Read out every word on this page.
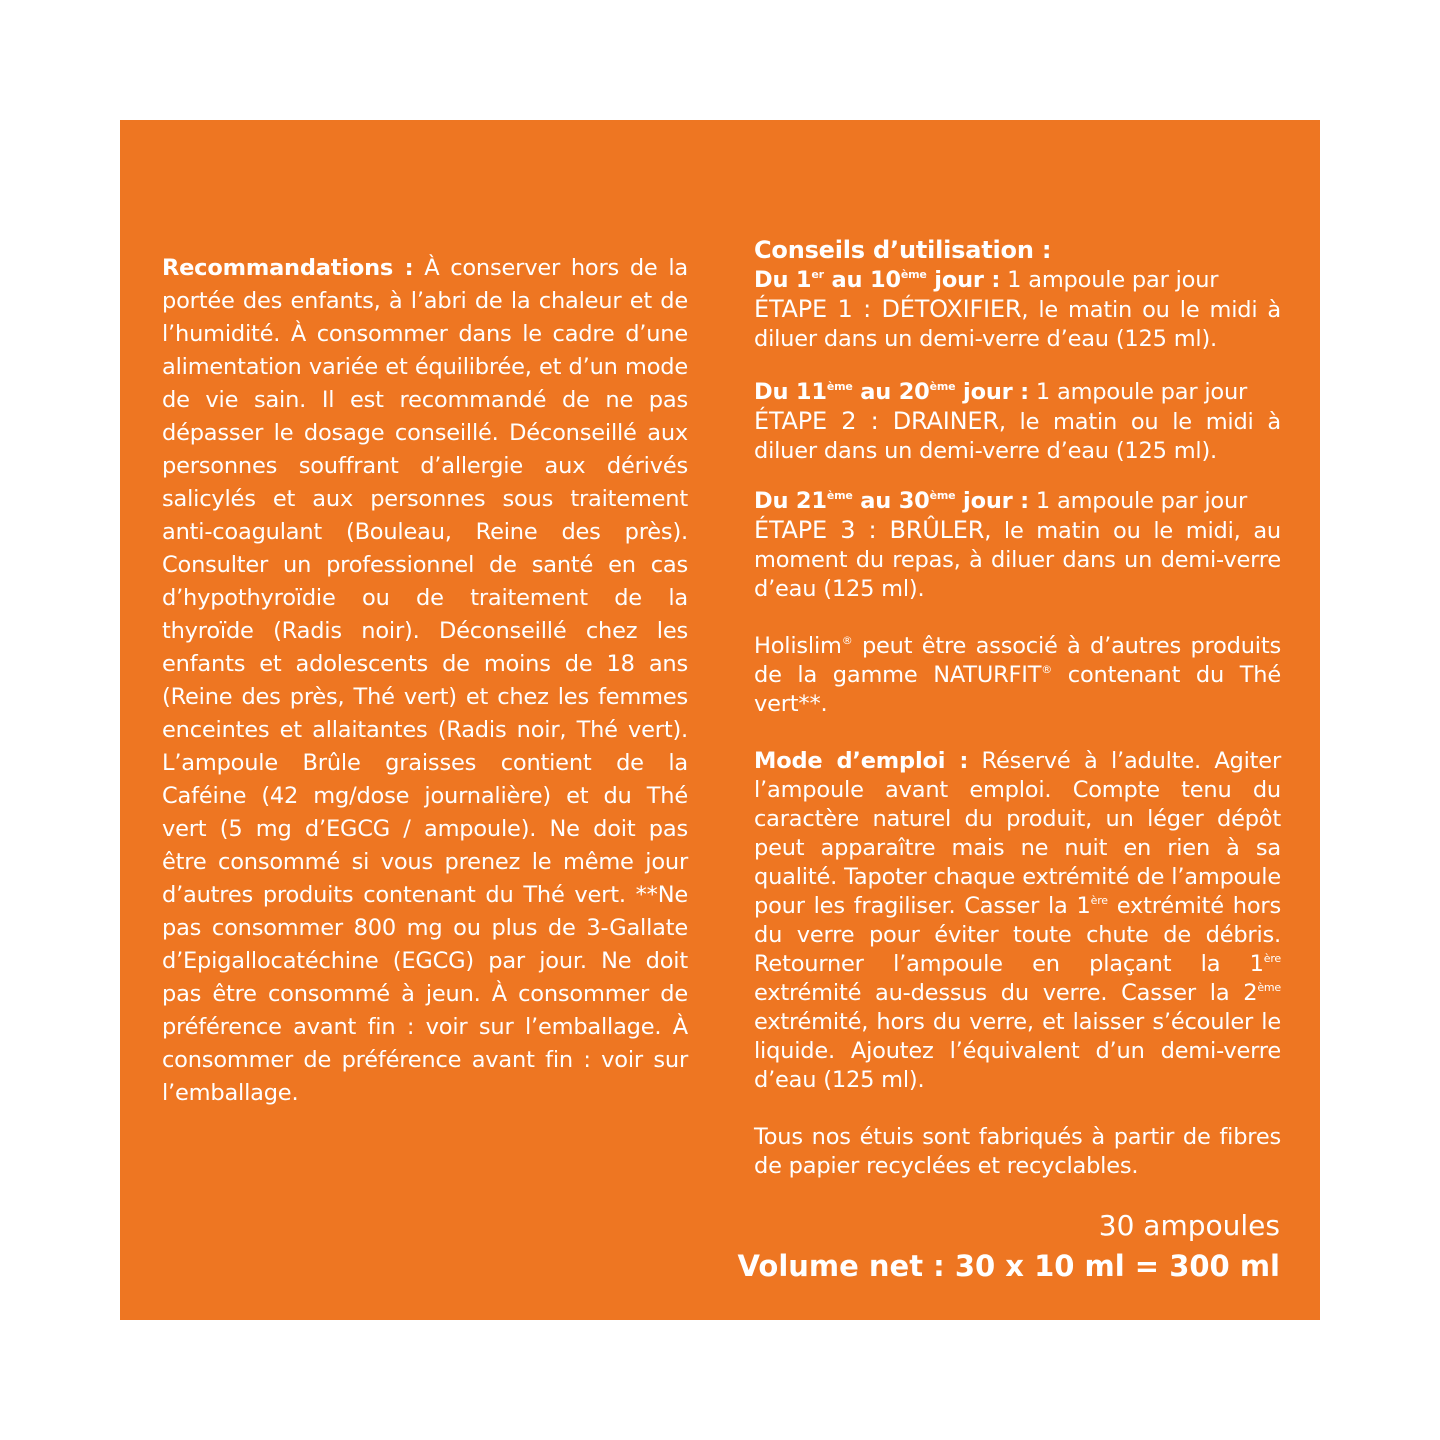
Recommandations : À conserver hors de la portée des enfants, à l’abri de la chaleur et de l’humidité. À consommer dans le cadre d’une alimentation variée et équilibrée, et d’un mode de vie sain. Il est recommandé de ne pas dépasser le dosage conseillé. Déconseillé aux personnes souffrant d’allergie aux dérivés salicylés et aux personnes sous traitement anti-coagulant (Bouleau, Reine des près). Consulter un professionnel de santé en cas d’hypothyroïdie ou de traitement de la thyroïde (Radis noir). Déconseillé chez les enfants et adolescents de moins de 18 ans (Reine des près, Thé vert) et chez les femmes enceintes et allaitantes (Radis noir, Thé vert). L’ampoule Brûle graisses contient de la Caféine (42 mg/dose journalière) et du Thé vert (5 mg d’EGCG / ampoule). Ne doit pas être consommé si vous prenez le même jour d’autres produits contenant du Thé vert. **Ne pas consommer 800 mg ou plus de 3-Gallate d’Epigallocatéchine (EGCG) par jour. Ne doit pas être consommé à jeun. À consommer de préférence avant fin : voir sur l’emballage. À consommer de préférence avant fin : voir sur l’emballage.

Conseils d’utilisation :
Du 1er au 10ème jour : 1 ampoule par jour
ÉTAPE 1 : DÉTOXIFIER, le matin ou le midi à diluer dans un demi-verre d’eau (125 ml).

Du 11ème au 20ème jour : 1 ampoule par jour
ÉTAPE 2 : DRAINER, le matin ou le midi à diluer dans un demi-verre d’eau (125 ml).

Du 21ème au 30ème jour : 1 ampoule par jour
ÉTAPE 3 : BRÛLER, le matin ou le midi, au moment du repas, à diluer dans un demi-verre d’eau (125 ml).

Holislim® peut être associé à d’autres produits de la gamme NATURFIT® contenant du Thé vert**.

Mode d’emploi : Réservé à l’adulte. Agiter l’ampoule avant emploi. Compte tenu du caractère naturel du produit, un léger dépôt peut apparaître mais ne nuit en rien à sa qualité. Tapoter chaque extrémité de l’ampoule pour les fragiliser. Casser la 1ère extrémité hors du verre pour éviter toute chute de débris. Retourner l’ampoule en plaçant la 1ère extrémité au-dessus du verre. Casser la 2ème extrémité, hors du verre, et laisser s’écouler le liquide. Ajoutez l’équivalent d’un demi-verre d’eau (125 ml).

Tous nos étuis sont fabriqués à partir de fibres de papier recyclées et recyclables.

30 ampoules
Volume net : 30 x 10 ml = 300 ml
